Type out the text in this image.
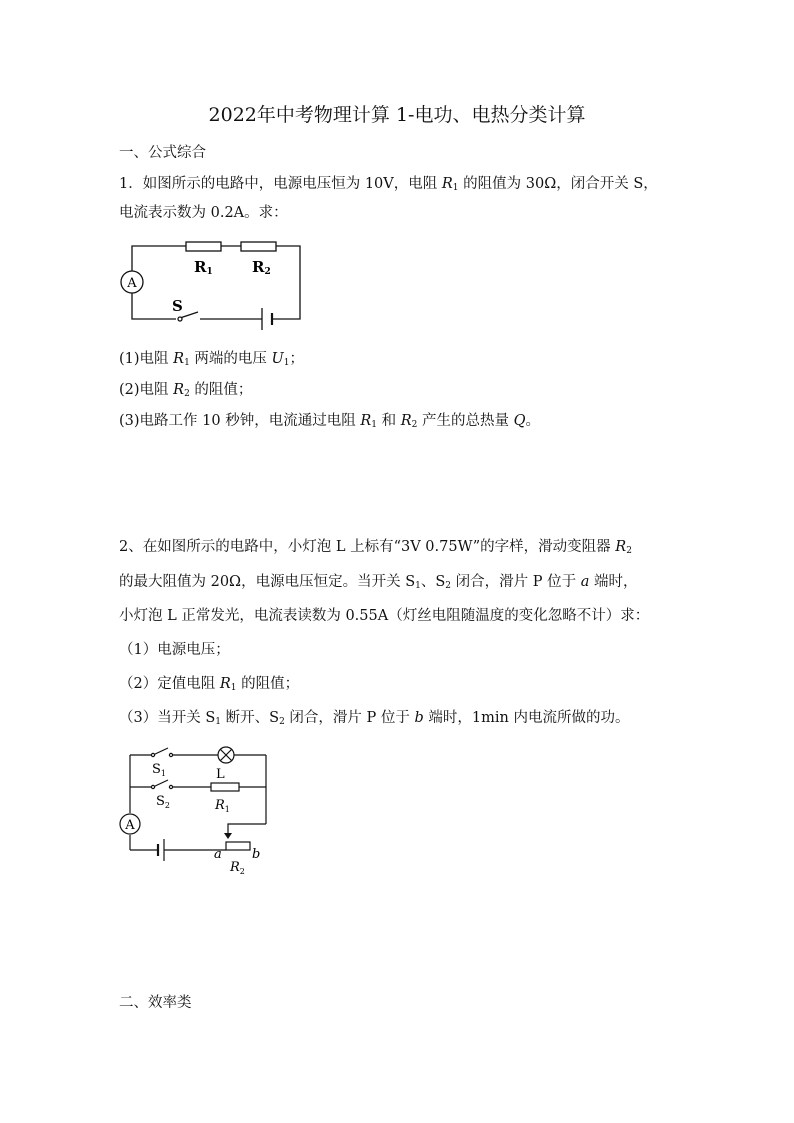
2022年中考物理计算 1-电功、电热分类计算
一、公式综合
1．如图所示的电路中，电源电压恒为 10V，电阻 $R_1$ 的阻值为 30Ω，闭合开关 S，
电流表示数为 0.2A。求：
A
R1	R2
S
(1)电阻 $R_1$ 两端的电压 $U_1$；
(2)电阻 $R_2$ 的阻值；
(3)电路工作 10 秒钟，电流通过电阻 $R_1$ 和 $R_2$ 产生的总热量 Q。
2、在如图所示的电路中，小灯泡 L 上标有“3V 0.75W”的字样，滑动变阻器 $R_2$
的最大阻值为 20Ω，电源电压恒定。当开关 $S_1$、$S_2$ 闭合，滑片 P 位于 a 端时，
小灯泡 L 正常发光，电流表读数为 0.55A（灯丝电阻随温度的变化忽略不计）求：
（1）电源电压；
（2）定值电阻 $R_1$ 的阻值；
（3）当开关 $S_1$ 断开、$S_2$ 闭合，滑片 P 位于 b 端时，1min 内电流所做的功。
A
$S_1$	L
$S_2$	$R_1$
a b
$R_2$
二、效率类
